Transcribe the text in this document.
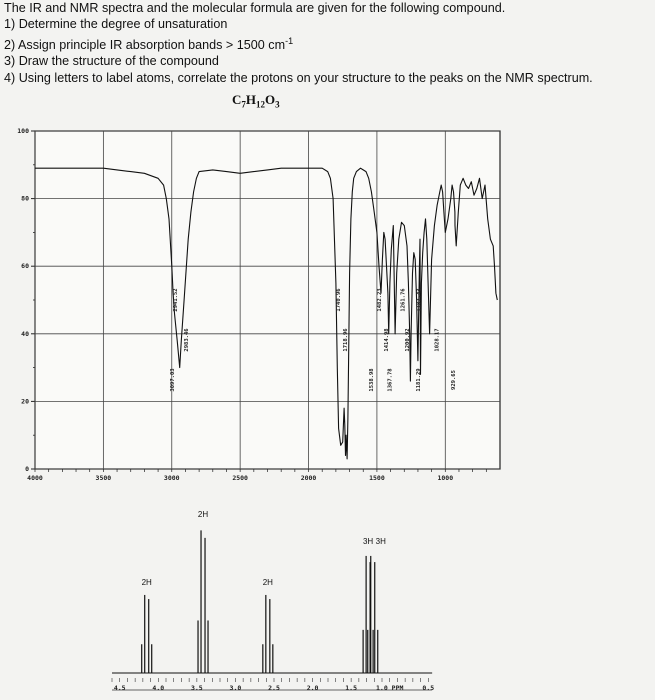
The IR and NMR spectra and the molecular formula are given for the following compound.
1) Determine the degree of unsaturation
2) Assign principle IR absorption bands > 1500 $cm^{-1}$
3) Draw the structure of the compound
4) Using letters to label atoms, correlate the protons on your structure to the peaks on the NMR spectrum.
$C_7H_{12}O_3$
100
80
60
40
20
0
4000	3500	3000	2500	2000	1500	1000
2941.52
2983.46
3097.03
1740.96
1718.96
1538.98
1482.23
1414.98
1367.78
1261.76
1200.92
1181.29
1187.43
1028.17
929.65
2H
2H
2H
3H 3H
4.5	4.0	3.5	3.0	2.5	2.0	1.5	1.0 PPM	0.5
